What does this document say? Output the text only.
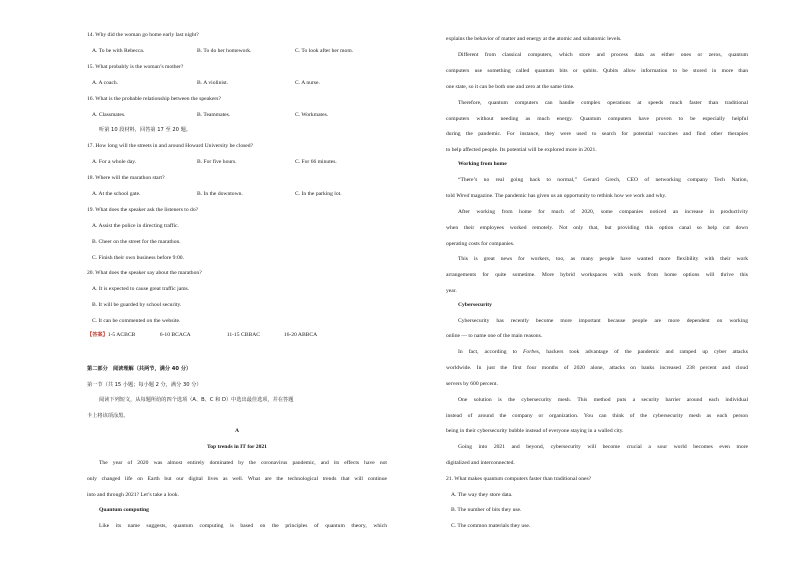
14. Why did the woman go home early last night?
A. To be with Rebecca.	B. To do her homework.	C. To look after her mom.
15. What probably is the woman’s mother?
A. A coach.	B. A violinist.	C. A nurse.
16. What is the probable relationship between the speakers?
A. Classmates.	B. Teammates.	C. Workmates.
听第 10 段材料，回答第 17 至 20 题。
17. How long will the streets in and around Howard University be closed?
A. For a whole day.	B. For five hours.	C. For 66 minutes.
18. Where will the marathon start?
A. At the school gate.	B. In the downtown.	C. In the parking lot.
19. What does the speaker ask the listeners to do?
A. Assist the police in directing traffic.
B. Cheer on the street for the marathon.
C. Finish their own business before 9:00.
20. What does the speaker say about the marathon?
A. It is expected to cause great traffic jams.
B. It will be guarded by school security.
C. It can be commented on the website.
【答案】1-5 ACBCB	6-10 BCACA	11-15 CBBAC	16-20 ABBCA
第二部分　阅读理解（共两节，满分 40 分）
第一节（共 15 小题；每小题 2 分，满分 30 分）
阅读下列短文，从每题所给的四个选项（A、B、C 和 D）中选出最佳选项，并在答题
卡上将该项涂黑。
A
Top trends in IT for 2021
The year of 2020 was almost entirely dominated by the coronavirus pandemic, and its effects have not
only changed life on Earth but our digital lives as well. What are the technological trends that will continue
into and through 2021? Let’s take a look.
Quantum computing
Like its name suggests, quantum computing is based on the principles of quantum theory, which
explains the behavior of matter and energy at the atomic and subatomic levels.
Different from classical computers, which store and process data as either ones or zeros, quantum
computers use something called quantum bits or qubits. Qubits allow information to be stored in more than
one state, so it can be both one and zero at the same time.
Therefore, quantum computers can handle complex operations at speeds much faster than traditional
computers without needing as much energy. Quantum computers have proven to be especially helpful
during the pandemic. For instance, they were used to search for potential vaccines and find other therapies
to help affected people. Its potential will be explored more in 2021.
Working from home
“There’s no real going back to normal,” Gerard Grech, CEO of networking company Tech Nation,
told Wired magazine. The pandemic has given us an opportunity to rethink how we work and why.
After working from home for much of 2020, some companies noticed an increase in productivity
when their employees worked remotely. Not only that, but providing this option canal so help cut down
operating costs for companies.
This is great news for workers, too, as many people have wanted more flexibility with their work
arrangements for quite sometime. More hybrid workspaces with work from home options will thrive this
year.
Cybersecurity
Cybersecurity has recently become more important because people are more dependent on working
online — to name one of the main reasons.
In fact, according to Forbes, hackers took advantage of the pandemic and ramped up cyber attacks
worldwide. In just the first four months of 2020 alone, attacks on banks increased 238 percent and cloud
servers by 600 percent.
One solution is the cybersecurity mesh. This method puts a security barrier around each individual
instead of around the company or organization. You can think of the cybersecurity mesh as each person
being in their cybersecurity bubble instead of everyone staying in a walled city.
Going into 2021 and beyond, cybersecurity will become crucial a sour world becomes even more
digitalized and interconnected.
21. What makes quantum computers faster than traditional ones?
A. The way they store data.
B. The number of bits they use.
C. The common materials they use.
